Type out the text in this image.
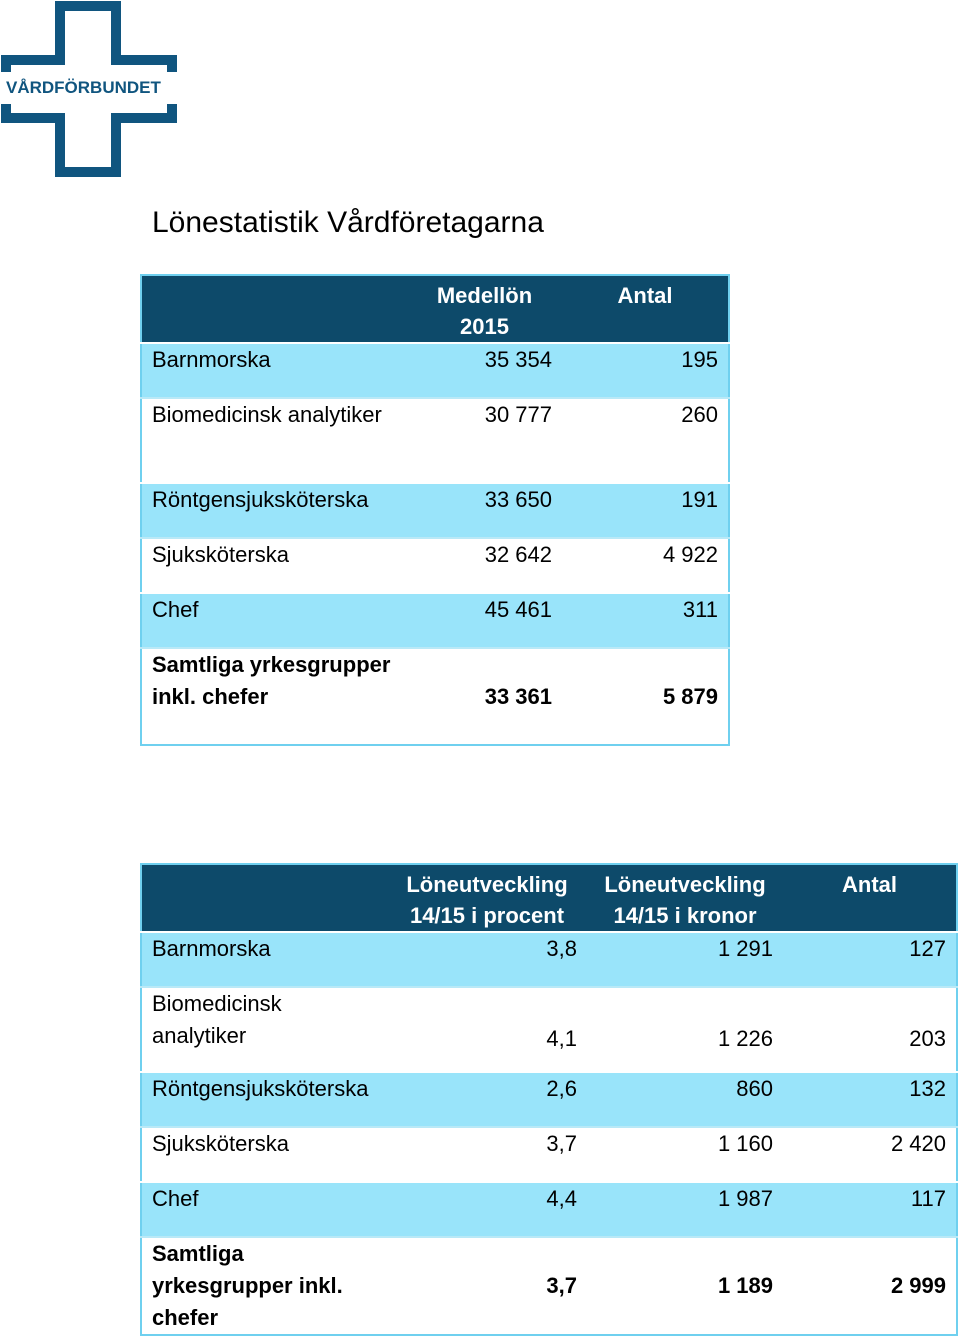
VÅRDFÖRBUNDET
Lönestatistik Vårdföretagarna
	Medellön 2015	Antal
Barnmorska	35 354	195
Biomedicinsk analytiker	30 777	260
Röntgensjuksköterska	33 650	191
Sjuksköterska	32 642	4 922
Chef	45 461	311
Samtliga yrkesgrupper inkl. chefer	33 361	5 879
	Löneutveckling 14/15 i procent	Löneutveckling 14/15 i kronor	Antal
Barnmorska	3,8	1 291	127
Biomedicinsk analytiker	4,1	1 226	203
Röntgensjuksköterska	2,6	860	132
Sjuksköterska	3,7	1 160	2 420
Chef	4,4	1 987	117
Samtliga yrkesgrupper inkl. chefer	3,7	1 189	2 999
